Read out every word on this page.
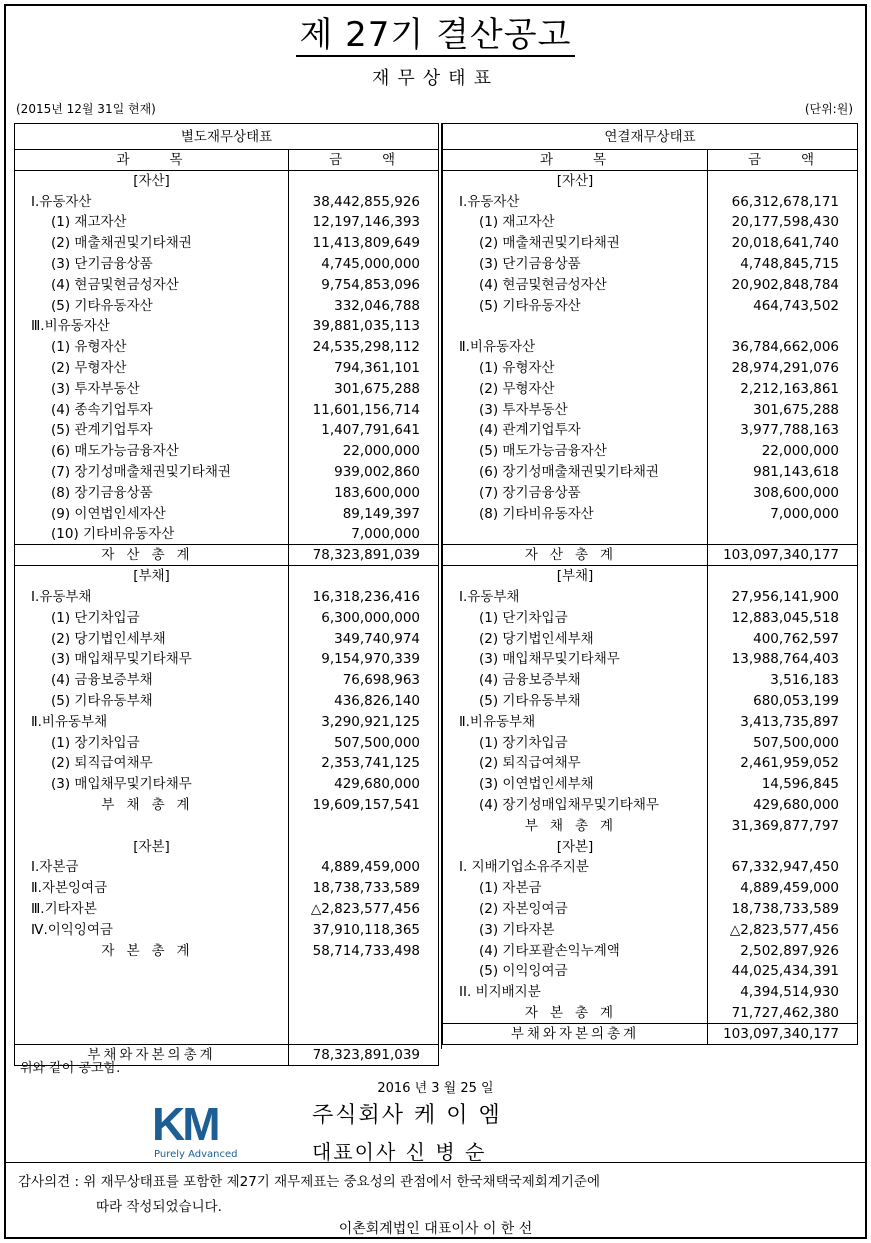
제 27기 결산공고
재무상태표
(2015년 12월 31일 현재)	(단위:원)
별도재무상태표	
과목	금액
[자산]	
Ⅰ.유동자산	38,442,855,926
(1) 재고자산	12,197,146,393
(2) 매출채권및기타채권	11,413,809,649
(3) 단기금융상품	4,745,000,000
(4) 현금및현금성자산	9,754,853,096
(5) 기타유동자산	332,046,788
Ⅲ.비유동자산	39,881,035,113
(1) 유형자산	24,535,298,112
(2) 무형자산	794,361,101
(3) 투자부동산	301,675,288
(4) 종속기업투자	11,601,156,714
(5) 관계기업투자	1,407,791,641
(6) 매도가능금융자산	22,000,000
(7) 장기성매출채권및기타채권	939,002,860
(8) 장기금융상품	183,600,000
(9) 이연법인세자산	89,149,397
(10) 기타비유동자산	7,000,000
자산총계	78,323,891,039
[부채]	
Ⅰ.유동부채	16,318,236,416
(1) 단기차입금	6,300,000,000
(2) 당기법인세부채	349,740,974
(3) 매입채무및기타채무	9,154,970,339
(4) 금융보증부채	76,698,963
(5) 기타유동부채	436,826,140
Ⅱ.비유동부채	3,290,921,125
(1) 장기차입금	507,500,000
(2) 퇴직급여채무	2,353,741,125
(3) 매입채무및기타채무	429,680,000
부채총계	19,609,157,541

[자본]	
Ⅰ.자본금	4,889,459,000
Ⅱ.자본잉여금	18,738,733,589
Ⅲ.기타자본	△2,823,577,456
Ⅳ.이익잉여금	37,910,118,365
자본총계	58,714,733,498

부채와자본의총계	78,323,891,039
연결재무상태표	
과목	금액
[자산]	
Ⅰ.유동자산	66,312,678,171
(1) 재고자산	20,177,598,430
(2) 매출채권및기타채권	20,018,641,740
(3) 단기금융상품	4,748,845,715
(4) 현금및현금성자산	20,902,848,784
(5) 기타유동자산	464,743,502

Ⅱ.비유동자산	36,784,662,006
(1) 유형자산	28,974,291,076
(2) 무형자산	2,212,163,861
(3) 투자부동산	301,675,288
(4) 관계기업투자	3,977,788,163
(5) 매도가능금융자산	22,000,000
(6) 장기성매출채권및기타채권	981,143,618
(7) 장기금융상품	308,600,000
(8) 기타비유동자산	7,000,000

자산총계	103,097,340,177
[부채]	
Ⅰ.유동부채	27,956,141,900
(1) 단기차입금	12,883,045,518
(2) 당기법인세부채	400,762,597
(3) 매입채무및기타채무	13,988,764,403
(4) 금융보증부채	3,516,183
(5) 기타유동부채	680,053,199
Ⅱ.비유동부채	3,413,735,897
(1) 장기차입금	507,500,000
(2) 퇴직급여채무	2,461,959,052
(3) 이연법인세부채	14,596,845
(4) 장기성매입채무및기타채무	429,680,000
부채총계	31,369,877,797
[자본]	
I. 지배기업소유주지분	67,332,947,450
(1) 자본금	4,889,459,000
(2) 자본잉여금	18,738,733,589
(3) 기타자본	△2,823,577,456
(4) 기타포괄손익누계액	2,502,897,926
(5) 이익잉여금	44,025,434,391
II. 비지배지분	4,394,514,930
자본총계	71,727,462,380
부채와자본의총계	103,097,340,177
위와 같이 공고함.
2016 년 3 월 25 일
KM
Purely Advanced
주식회사 케 이 엠
대표이사 신 병 순
감사의견 : 위 재무상태표를 포함한 제27기 재무제표는 중요성의 관점에서 한국채택국제회계기준에
따라 작성되었습니다.
이촌회계법인 대표이사 이 한 선
